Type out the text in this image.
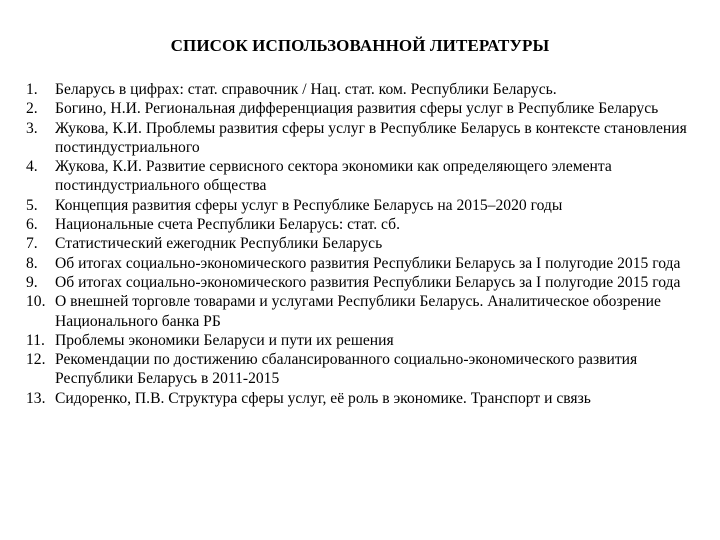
СПИСОК ИСПОЛЬЗОВАННОЙ ЛИТЕРАТУРЫ
1. Беларусь в цифрах: стат. справочник / Нац. стат. ком. Республики Беларусь.
2. Богино, Н.И. Региональная дифференциация развития сферы услуг в Республике Беларусь
3. Жукова, К.И. Проблемы развития сферы услуг в Республике Беларусь в контексте становления постиндустриального
4. Жукова, К.И. Развитие сервисного сектора экономики как определяющего элемента постиндустриального общества
5. Концепция развития сферы услуг в Республике Беларусь на 2015–2020 годы
6. Национальные счета Республики Беларусь: стат. сб.
7. Статистический ежегодник Республики Беларусь
8. Об итогах социально-экономического развития Республики Беларусь за I полугодие 2015 года
9. Об итогах социально-экономического развития Республики Беларусь за I полугодие 2015 года
10. О внешней торговле товарами и услугами Республики Беларусь. Аналитическое обозрение Национального банка РБ
11. Проблемы экономики Беларуси и пути их решения
12. Рекомендации по достижению сбалансированного социально-экономического развития Республики Беларусь в 2011-2015
13. Сидоренко, П.В. Структура сферы услуг, её роль в экономике. Транспорт и связь
